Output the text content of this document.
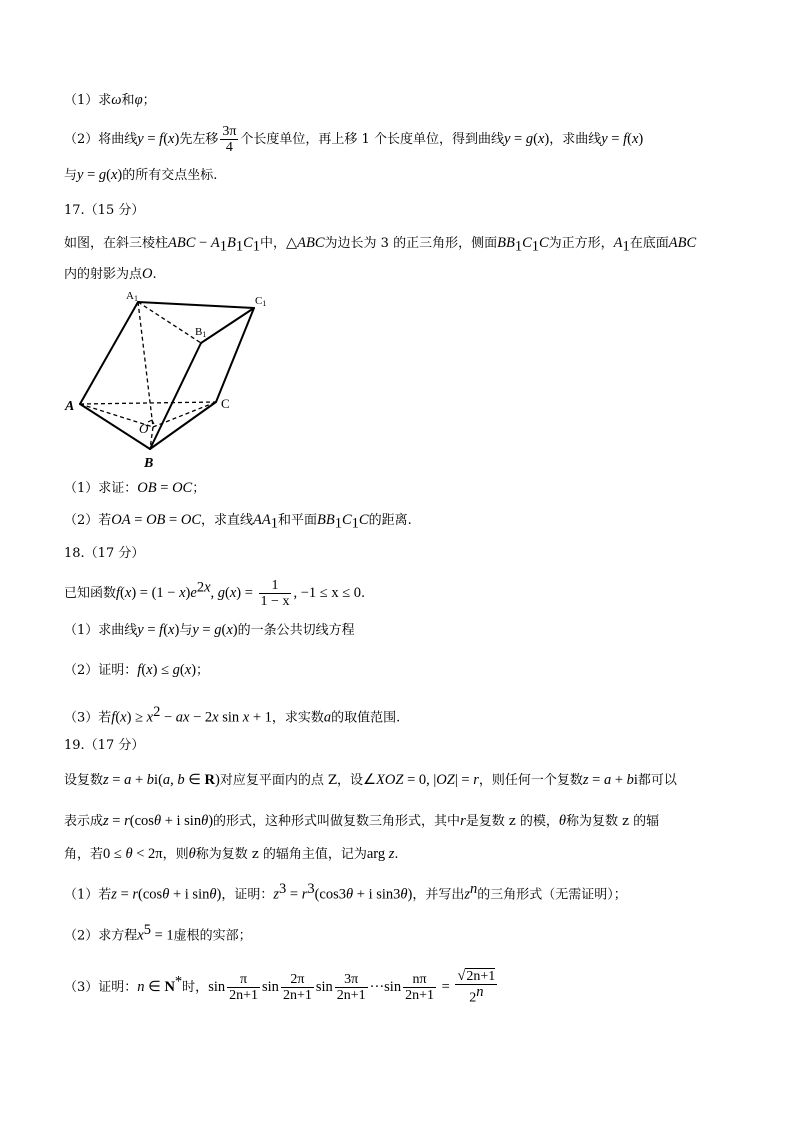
（1）求ω和φ；
（2）将曲线y = f(x)先左移 $\frac{3\pi}{4}$ 个长度单位，再上移 1 个长度单位，得到曲线y = g(x)，求曲线y = f(x)
与y = g(x)的所有交点坐标.
17.（15 分）
如图，在斜三棱柱ABC − $A_1B_1C_1$中，△ABC为边长为 3 的正三角形，侧面$BB_1C_1C$为正方形，$A_1$在底面ABC
内的射影为点O.
A1	C1
B1
A	C
O
B
（1）求证：OB = OC；
（2）若OA = OB = OC，求直线$AA_1$和平面$BB_1C_1C$的距离.
18.（17 分）
已知函数$f(x) = (1 - x)e^{2x}$, $g(x) = \frac{1}{1 - x}$ , −1 ≤ x ≤ 0.
（1）求曲线y = f(x)与y = g(x)的一条公共切线方程
（2）证明：f(x) ≤ g(x)；
（3）若$f(x) \ge x^2$ − ax − 2x sin x + 1，求实数a的取值范围.
19.（17 分）
设复数z = a + bi(a, b ∈ R)对应复平面内的点 Z，设∠XOZ = 0, |OZ| = r，则任何一个复数z = a + bi都可以
表示成z = r(cosθ + i sinθ)的形式，这种形式叫做复数三角形式，其中r是复数 z 的模，θ称为复数 z 的辐
角，若0 ≤ θ < 2π，则θ称为复数 z 的辐角主值，记为arg z.
（1）若z = r(cosθ + i sinθ)，证明：$z^3 = r^3(\cos 3\theta + i$ sin3θ)，并写出$z^n$的三角形式（无需证明）；
（2）求方程$x^5 = 1$虚根的实部；
（3）证明：n ∈ N*时，$\sin \frac{\pi}{2n+1}$ $\sin \frac{2\pi}{2n+1}$ $\sin \frac{3\pi}{2n+1} \cdot\cdot\cdot\sin \frac{n\pi}{2n+1} = \frac{√2n+1}{2^n}$
